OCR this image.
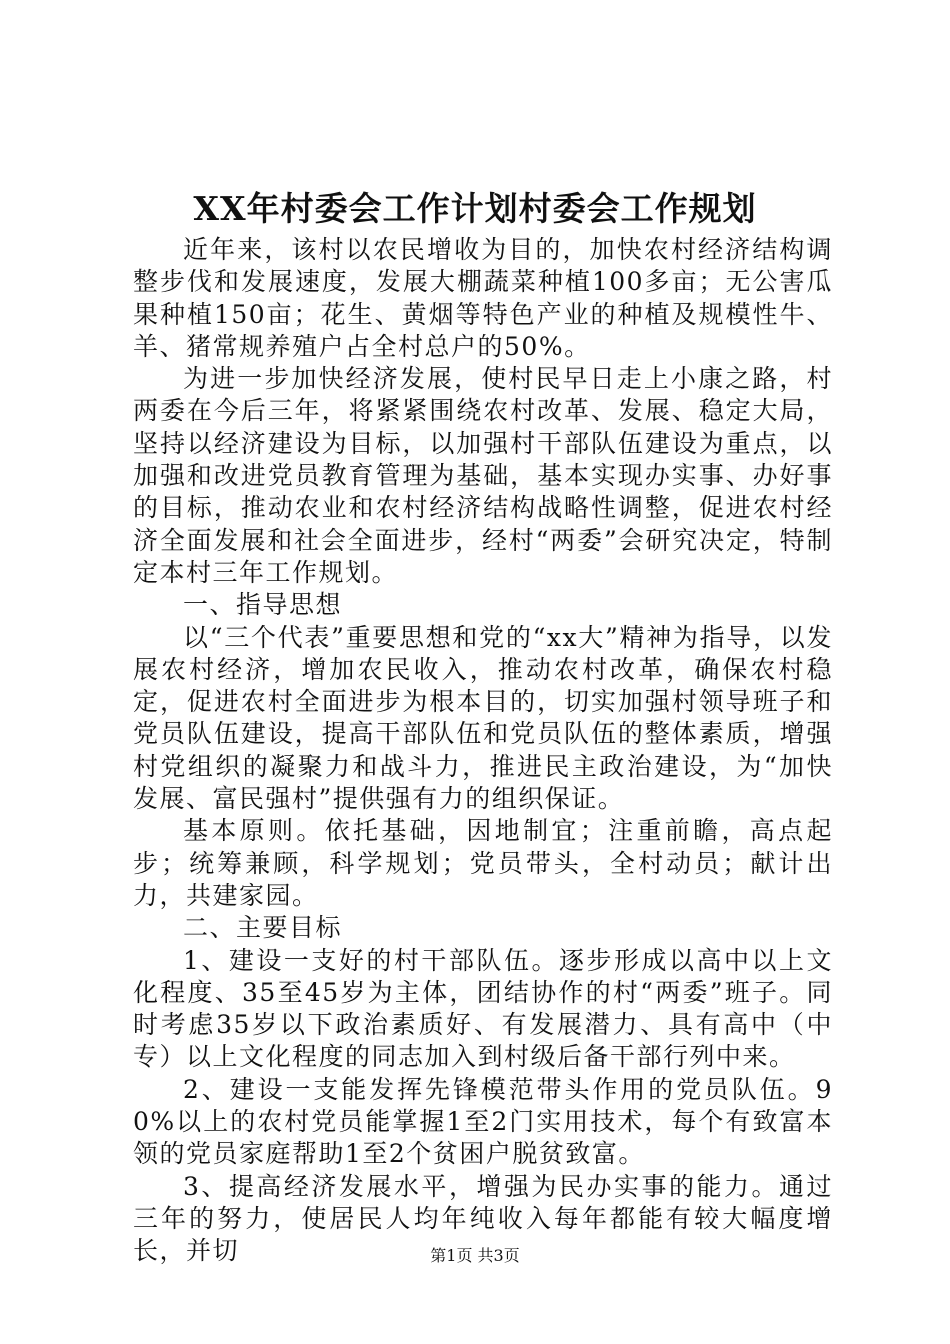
XX年村委会工作计划村委会工作规划

近年来，该村以农民增收为目的，加快农村经济结构调整步伐和发展速度，发展大棚蔬菜种植100多亩；无公害瓜果种植150亩；花生、黄烟等特色产业的种植及规模性牛、羊、猪常规养殖户占全村总户的50%。

为进一步加快经济发展，使村民早日走上小康之路，村两委在今后三年，将紧紧围绕农村改革、发展、稳定大局，坚持以经济建设为目标，以加强村干部队伍建设为重点，以加强和改进党员教育管理为基础，基本实现办实事、办好事的目标，推动农业和农村经济结构战略性调整，促进农村经济全面发展和社会全面进步，经村“两委”会研究决定，特制定本村三年工作规划。

一、指导思想

以“三个代表”重要思想和党的“xx大”精神为指导，以发展农村经济，增加农民收入，推动农村改革，确保农村稳定，促进农村全面进步为根本目的，切实加强村领导班子和党员队伍建设，提高干部队伍和党员队伍的整体素质，增强村党组织的凝聚力和战斗力，推进民主政治建设，为“加快发展、富民强村”提供强有力的组织保证。

基本原则。依托基础，因地制宜；注重前瞻，高点起步；统筹兼顾，科学规划；党员带头，全村动员；献计出力，共建家园。

二、主要目标

1、建设一支好的村干部队伍。逐步形成以高中以上文化程度、35至45岁为主体，团结协作的村“两委”班子。同时考虑35岁以下政治素质好、有发展潜力、具有高中（中专）以上文化程度的同志加入到村级后备干部行列中来。

2、建设一支能发挥先锋模范带头作用的党员队伍。90%以上的农村党员能掌握1至2门实用技术，每个有致富本领的党员家庭帮助1至2个贫困户脱贫致富。

3、提高经济发展水平，增强为民办实事的能力。通过三年的努力，使居民人均年纯收入每年都能有较大幅度增长，并切	第1页 共3页
